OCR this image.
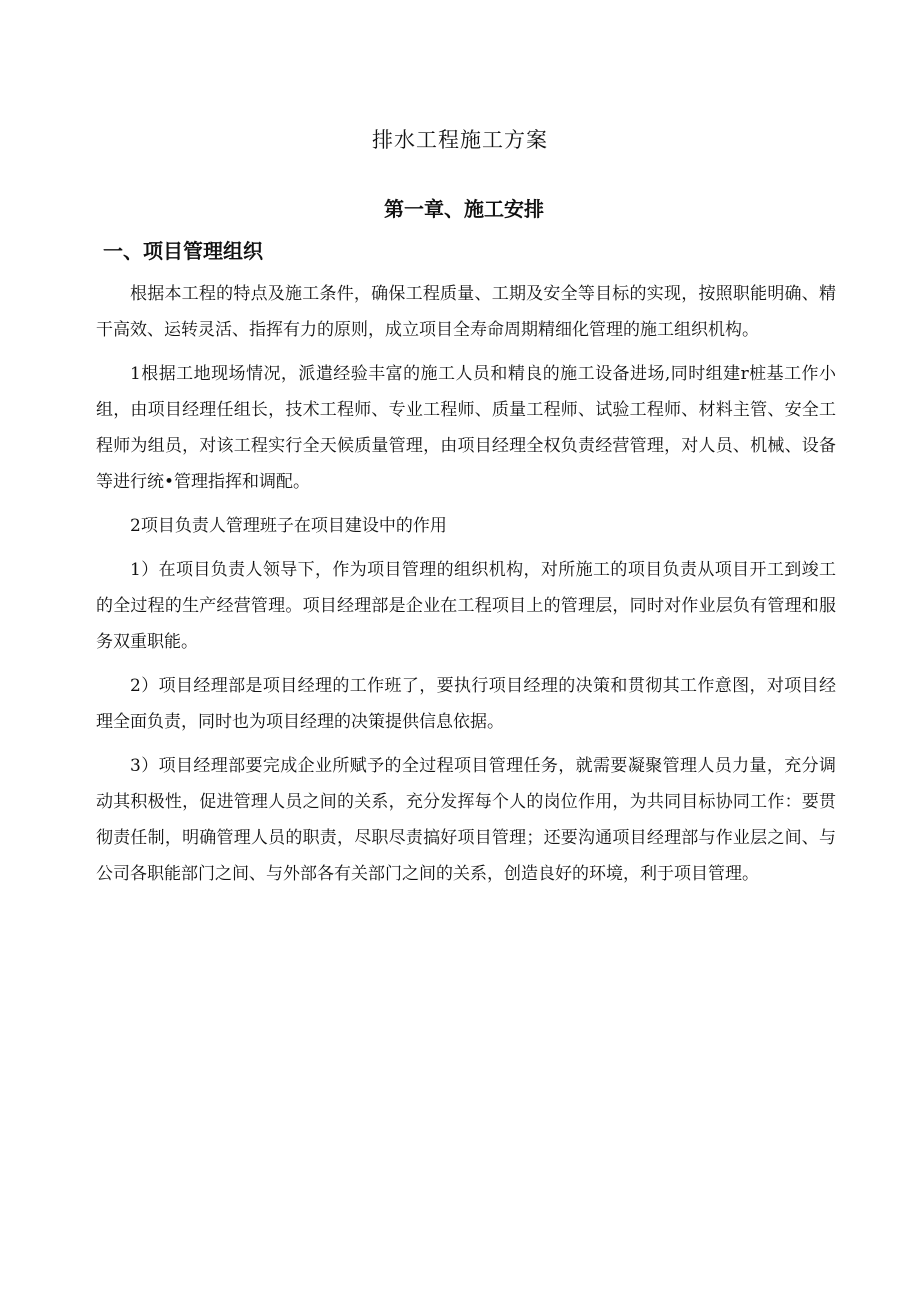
排水工程施工方案
第一章、施工安排
一、项目管理组织

根据本工程的特点及施工条件，确保工程质量、工期及安全等目标的实现，按照职能明确、精干高效、运转灵活、指挥有力的原则，成立项目全寿命周期精细化管理的施工组织机构。

1根据工地现场情况，派遣经验丰富的施工人员和精良的施工设备进场,同时组建r桩基工作小组，由项目经理任组长，技术工程师、专业工程师、质量工程师、试验工程师、材料主管、安全工程师为组员，对该工程实行全天候质量管理，由项目经理全权负责经营管理，对人员、机械、设备等进行统•管理指挥和调配。

2项目负责人管理班子在项目建设中的作用

1）在项目负责人领导下，作为项目管理的组织机构，对所施工的项目负责从项目开工到竣工的全过程的生产经营管理。项目经理部是企业在工程项目上的管理层，同时对作业层负有管理和服务双重职能。

2）项目经理部是项目经理的工作班了，要执行项目经理的决策和贯彻其工作意图，对项目经理全面负责，同时也为项目经理的决策提供信息依据。

3）项目经理部要完成企业所赋予的全过程项目管理任务，就需要凝聚管理人员力量，充分调动其积极性，促进管理人员之间的关系，充分发挥每个人的岗位作用，为共同目标协同工作：要贯彻责任制，明确管理人员的职责，尽职尽责搞好项目管理；还要沟通项目经理部与作业层之间、与公司各职能部门之间、与外部各有关部门之间的关系，创造良好的环境，利于项目管理。
